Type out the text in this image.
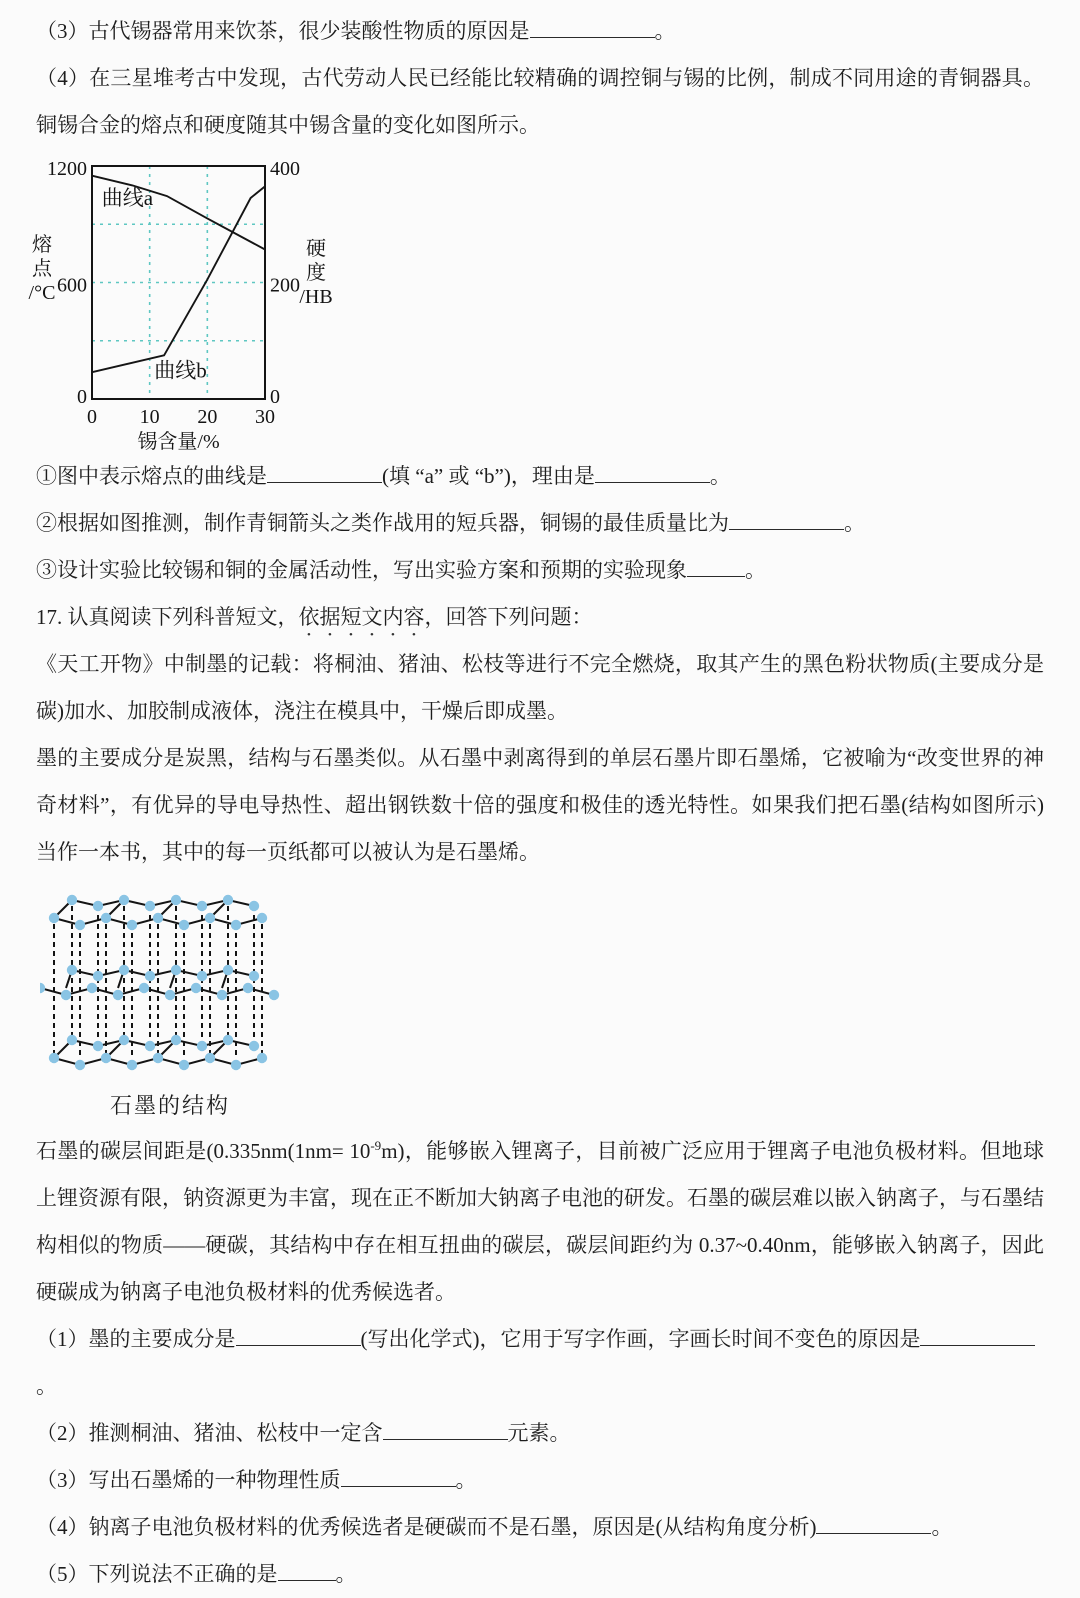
（3）古代锡器常用来饮茶，很少装酸性物质的原因是	。

（4）在三星堆考古中发现，古代劳动人民已经能比较精确的调控铜与锡的比例，制成不同用途的青铜器具。铜锡合金的熔点和硬度随其中锡含量的变化如图所示。

1200
600
0
400
200
0
0 10 20 30
锡含量/%
熔
点
/°C
硬
度
/HB
曲线a
曲线b

①图中表示熔点的曲线是	(填 “a” 或 “b”)，理由是	。

②根据如图推测，制作青铜箭头之类作战用的短兵器，铜锡的最佳质量比为	。

③设计实验比较锡和铜的金属活动性，写出实验方案和预期的实验现象	。

17. 认真阅读下列科普短文，依据短文内容，回答下列问题：

《天工开物》中制墨的记载：将桐油、猪油、松枝等进行不完全燃烧，取其产生的黑色粉状物质(主要成分是碳)加水、加胶制成液体，浇注在模具中，干燥后即成墨。

墨的主要成分是炭黑，结构与石墨类似。从石墨中剥离得到的单层石墨片即石墨烯，它被喻为“改变世界的神奇材料”，有优异的导电导热性、超出钢铁数十倍的强度和极佳的透光特性。如果我们把石墨(结构如图所示)当作一本书，其中的每一页纸都可以被认为是石墨烯。

石墨的结构

石墨的碳层间距是($0.335nm(1nm= 10^{-9}m)$，能够嵌入锂离子，目前被广泛应用于锂离子电池负极材料。但地球上锂资源有限，钠资源更为丰富，现在正不断加大钠离子电池的研发。石墨的碳层难以嵌入钠离子，与石墨结构相似的物质——硬碳，其结构中存在相互扭曲的碳层，碳层间距约为 0.37~0.40nm，能够嵌入钠离子，因此硬碳成为钠离子电池负极材料的优秀候选者。

（1）墨的主要成分是	(写出化学式)，它用于写字作画，字画长时间不变色的原因是。

（2）推测桐油、猪油、松枝中一定含	元素。

（3）写出石墨烯的一种物理性质	。

（4）钠离子电池负极材料的优秀候选者是硬碳而不是石墨，原因是(从结构角度分析)	。

（5）下列说法不正确的是	。
